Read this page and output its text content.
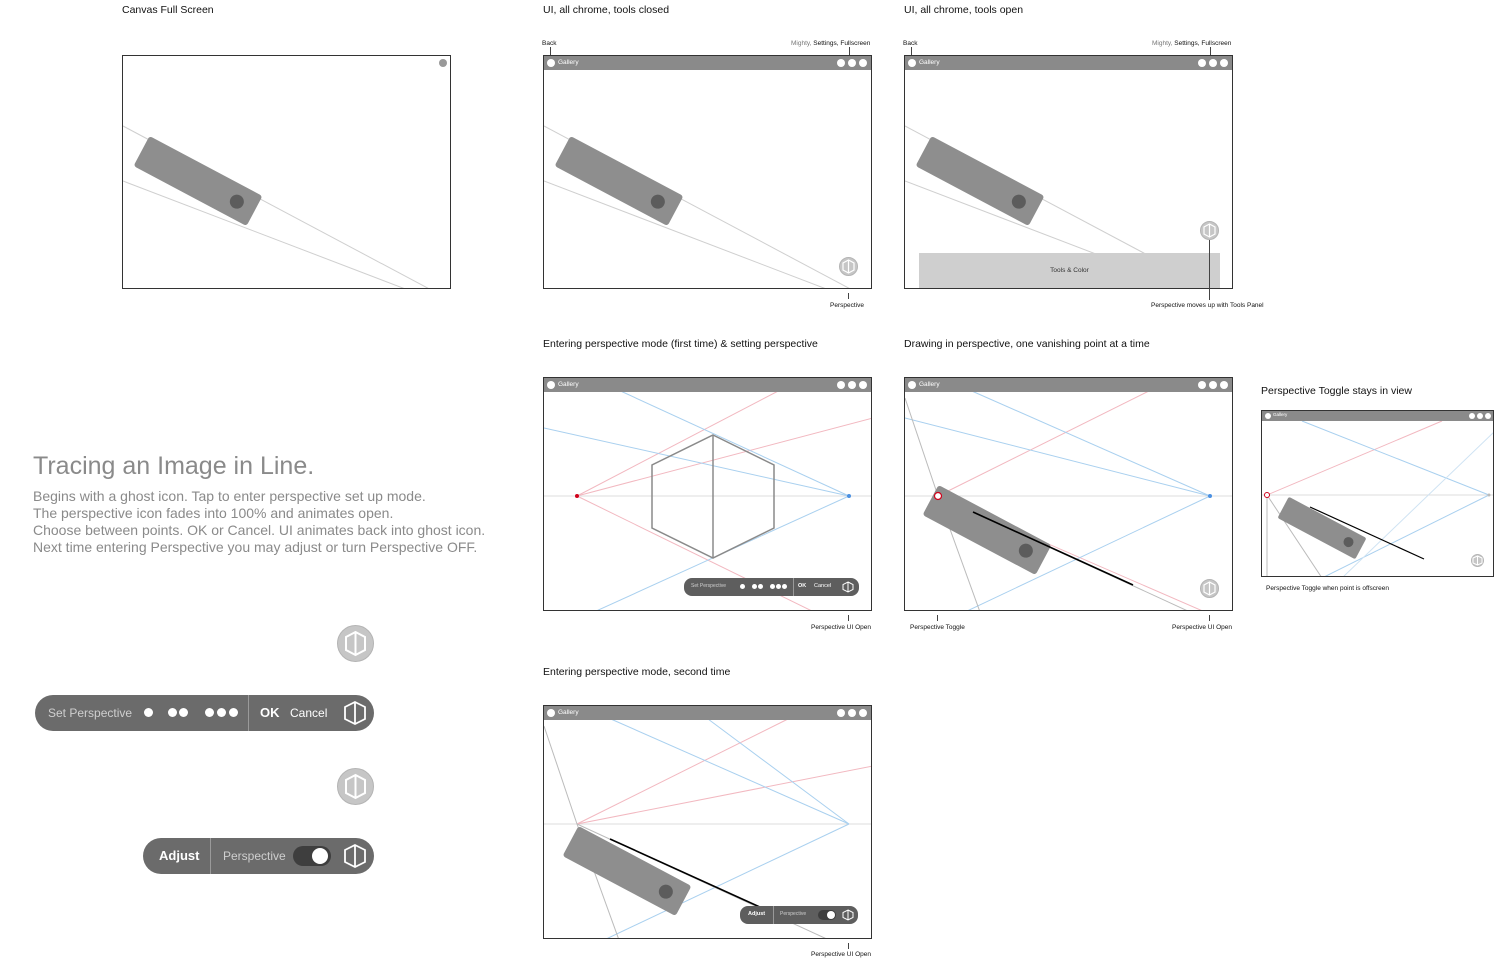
Canvas Full Screen	UI, all chrome, tools closed	UI, all chrome, tools open
Back	Mighty, Settings, Fullscreen
Gallery
Perspective
Back	Mighty, Settings, Fullscreen
Gallery
Tools & Color
Perspective moves up with Tools Panel
Entering perspective mode (first time) & setting perspective	Drawing in perspective, one vanishing point at a time
Perspective Toggle stays in view
Gallery
Set Perspective	OK Cancel
Perspective UI Open
Gallery
Perspective Toggle	Perspective UI Open
Gallery
Perspective Toggle when point is offscreen
Tracing an Image in Line.
Begins with a ghost icon. Tap to enter perspective set up mode.
The perspective icon fades into 100% and animates open.
Choose between points. OK or Cancel. UI animates back into ghost icon.
Next time entering Perspective you may adjust or turn Perspective OFF.
Set Perspective	OK Cancel
Adjust Perspective
Entering perspective mode, second time
Gallery
Adjust	Perspective
Perspective UI Open
